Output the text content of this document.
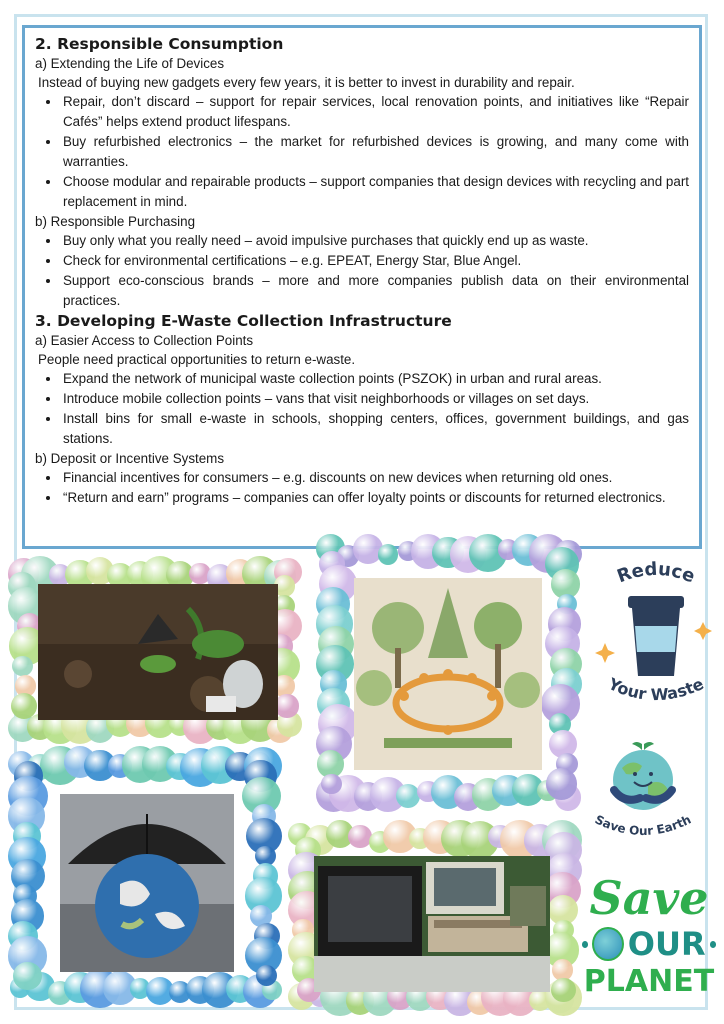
2. Responsible Consumption

a) Extending the Life of Devices

Instead of buying new gadgets every few years, it is better to invest in durability and repair.

• Repair, don’t discard – support for repair services, local renovation points, and initiatives like “Repair Cafés” helps extend product lifespans.
• Buy refurbished electronics – the market for refurbished devices is growing, and many come with warranties.
• Choose modular and repairable products – support companies that design devices with recycling and part replacement in mind.

b) Responsible Purchasing

• Buy only what you really need – avoid impulsive purchases that quickly end up as waste.
• Check for environmental certifications – e.g. EPEAT, Energy Star, Blue Angel.
• Support eco-conscious brands – more and more companies publish data on their environmental practices.

3. Developing E-Waste Collection Infrastructure

a) Easier Access to Collection Points

People need practical opportunities to return e-waste.

• Expand the network of municipal waste collection points (PSZOK) in urban and rural areas.
• Introduce mobile collection points – vans that visit neighborhoods or villages on set days.
• Install bins for small e-waste in schools, shopping centers, offices, government buildings, and gas stations.

b) Deposit or Incentive Systems

• Financial incentives for consumers – e.g. discounts on new devices when returning old ones.
• “Return and earn” programs – companies can offer loyalty points or discounts for returned electronics.
Reduce
Your Waste
Save Our Earth
Save
OUR
PLANET
